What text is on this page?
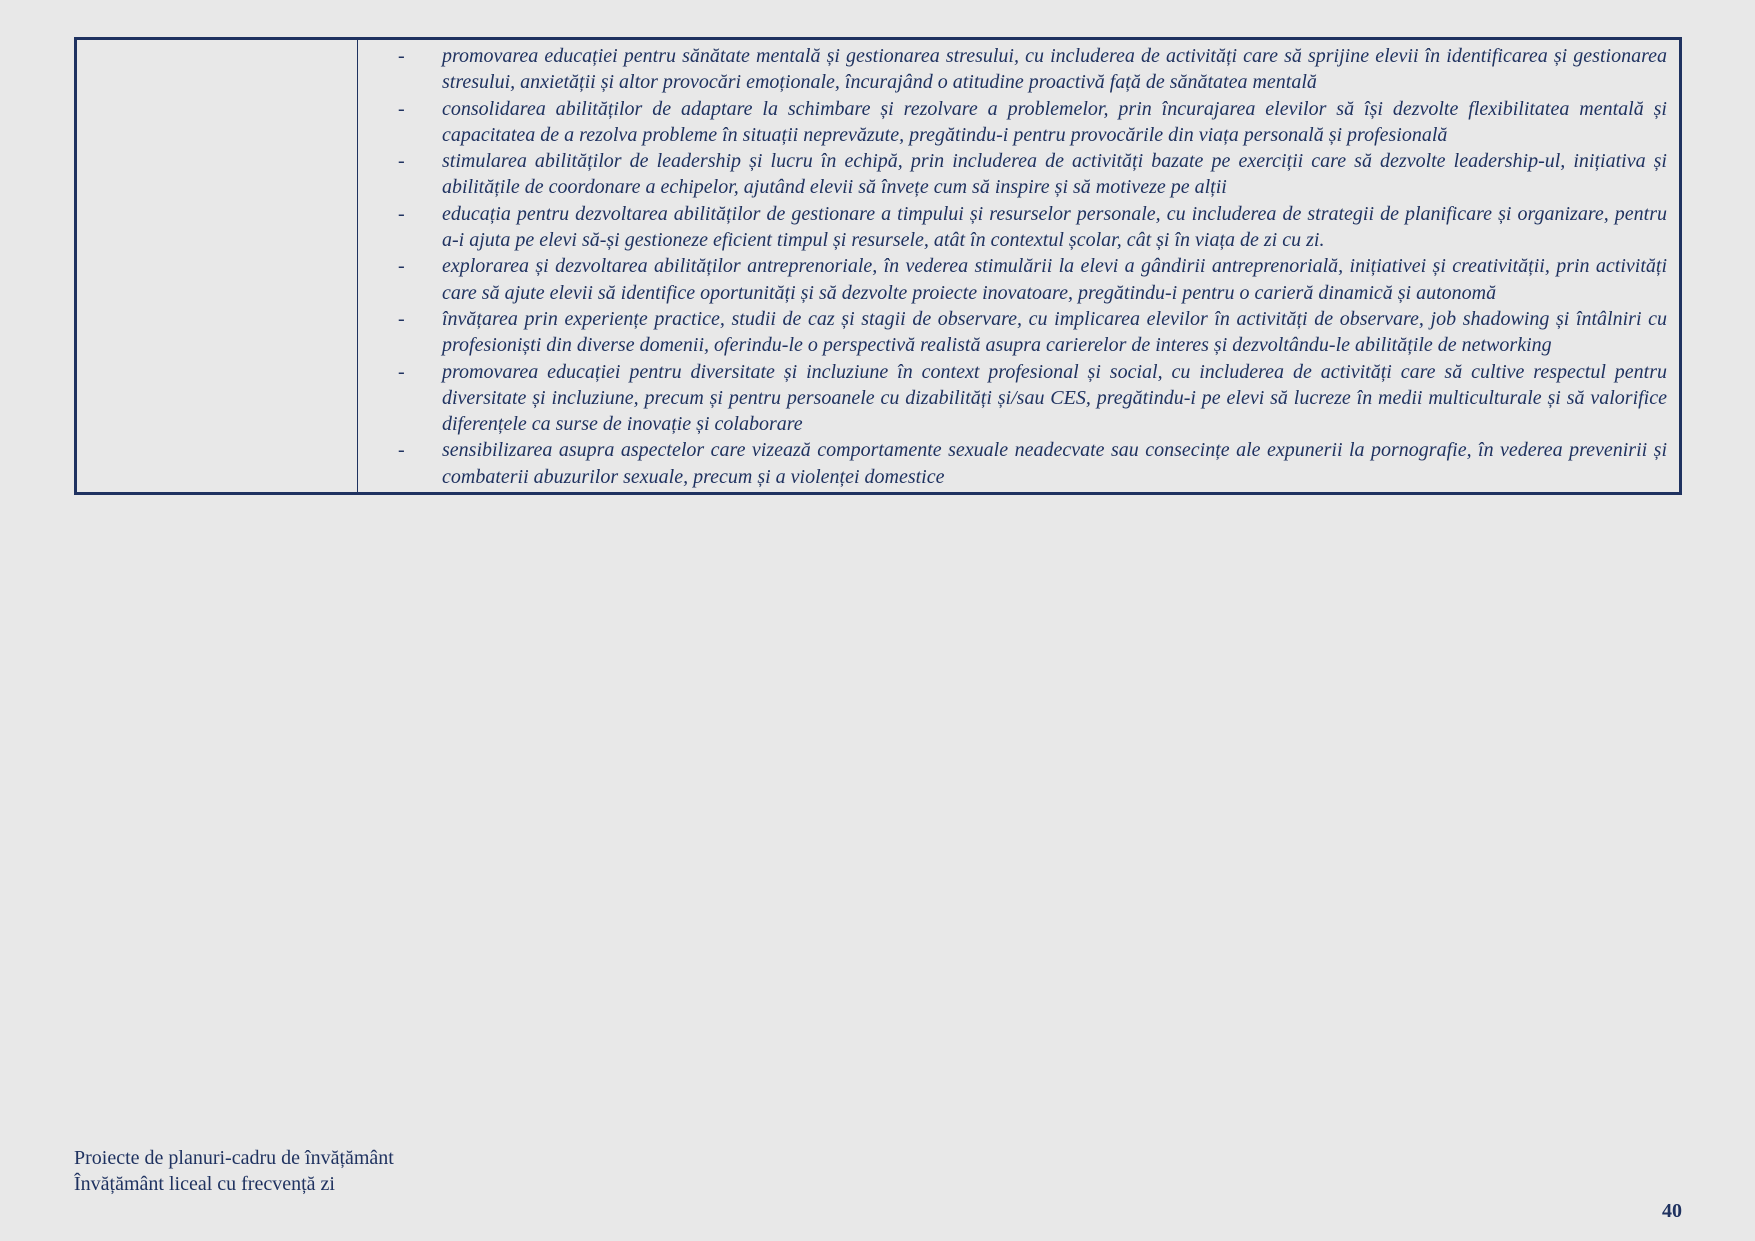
- promovarea educației pentru sănătate mentală și gestionarea stresului, cu includerea de activități care să sprijine elevii în identificarea și gestionarea stresului, anxietății și altor provocări emoționale, încurajând o atitudine proactivă față de sănătatea mentală
- consolidarea abilităților de adaptare la schimbare și rezolvare a problemelor, prin încurajarea elevilor să își dezvolte flexibilitatea mentală și capacitatea de a rezolva probleme în situații neprevăzute, pregătindu-i pentru provocările din viața personală și profesională
- stimularea abilităților de leadership și lucru în echipă, prin includerea de activități bazate pe exerciții care să dezvolte leadership-ul, inițiativa și abilitățile de coordonare a echipelor, ajutând elevii să învețe cum să inspire și să motiveze pe alții
- educația pentru dezvoltarea abilităților de gestionare a timpului și resurselor personale, cu includerea de strategii de planificare și organizare, pentru a-i ajuta pe elevi să-și gestioneze eficient timpul și resursele, atât în contextul școlar, cât și în viața de zi cu zi.
- explorarea și dezvoltarea abilităților antreprenoriale, în vederea stimulării la elevi a gândirii antreprenorială, inițiativei și creativității, prin activități care să ajute elevii să identifice oportunități și să dezvolte proiecte inovatoare, pregătindu-i pentru o carieră dinamică și autonomă
- învățarea prin experiențe practice, studii de caz și stagii de observare, cu implicarea elevilor în activități de observare, job shadowing și întâlniri cu profesioniști din diverse domenii, oferindu-le o perspectivă realistă asupra carierelor de interes și dezvoltându-le abilitățile de networking
- promovarea educației pentru diversitate și incluziune în context profesional și social, cu includerea de activități care să cultive respectul pentru diversitate și incluziune, precum și pentru persoanele cu dizabilități și/sau CES, pregătindu-i pe elevi să lucreze în medii multiculturale și să valorifice diferențele ca surse de inovație și colaborare
- sensibilizarea asupra aspectelor care vizează comportamente sexuale neadecvate sau consecințe ale expunerii la pornografie, în vederea prevenirii și combaterii abuzurilor sexuale, precum și a violenței domestice
Proiecte de planuri-cadru de învățământ
Învățământ liceal cu frecvență zi
40
